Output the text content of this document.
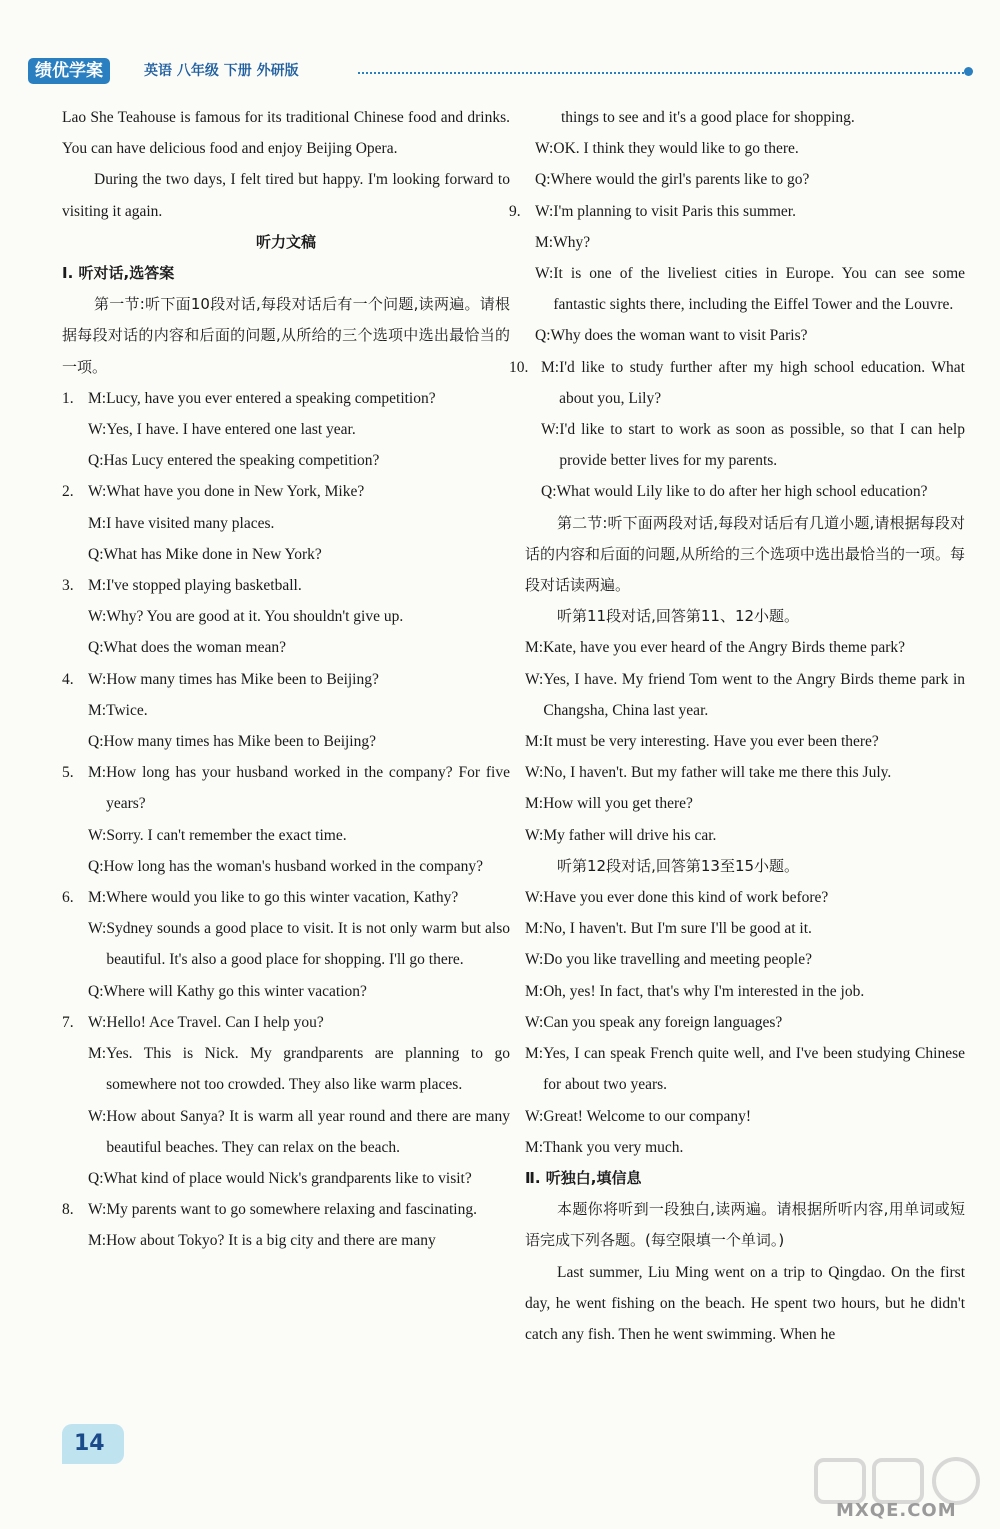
绩优学案	英语 八年级 下册 外研版

Lao She Teahouse is famous for its traditional Chinese food and drinks. You can have delicious food and enjoy Beijing Opera.

During the two days, I felt tired but happy. I'm looking forward to visiting it again.

听力文稿

Ⅰ. 听对话,选答案

第一节:听下面10段对话,每段对话后有一个问题,读两遍。请根据每段对话的内容和后面的问题,从所给的三个选项中选出最恰当的一项。

1. M: Lucy, have you ever entered a speaking competition?
W: Yes, I have. I have entered one last year.
Q: Has Lucy entered the speaking competition?
2. W: What have you done in New York, Mike?
M: I have visited many places.
Q: What has Mike done in New York?
3. M: I've stopped playing basketball.
W: Why? You are good at it. You shouldn't give up.
Q: What does the woman mean?
4. W: How many times has Mike been to Beijing?
M: Twice.
Q: How many times has Mike been to Beijing?
5. M: How long has your husband worked in the company? For five years?
W: Sorry. I can't remember the exact time.
Q: How long has the woman's husband worked in the company?
6. M: Where would you like to go this winter vacation, Kathy?
W: Sydney sounds a good place to visit. It is not only warm but also beautiful. It's also a good place for shopping. I'll go there.
Q: Where will Kathy go this winter vacation?
7. W: Hello! Ace Travel. Can I help you?
M: Yes. This is Nick. My grandparents are planning to go somewhere not too crowded. They also like warm places.
W: How about Sanya? It is warm all year round and there are many beautiful beaches. They can relax on the beach.
Q: What kind of place would Nick's grandparents like to visit?
8. W: My parents want to go somewhere relaxing and fascinating.
M: How about Tokyo? It is a big city and there are many
things to see and it's a good place for shopping.
W: OK. I think they would like to go there.
Q: Where would the girl's parents like to go?
9. W: I'm planning to visit Paris this summer.
M: Why?
W: It is one of the liveliest cities in Europe. You can see some fantastic sights there, including the Eiffel Tower and the Louvre.
Q: Why does the woman want to visit Paris?
10. M: I'd like to study further after my high school education. What about you, Lily?
W: I'd like to start to work as soon as possible, so that I can help provide better lives for my parents.
Q: What would Lily like to do after her high school education?

第二节:听下面两段对话,每段对话后有几道小题,请根据每段对话的内容和后面的问题,从所给的三个选项中选出最恰当的一项。每段对话读两遍。

听第11段对话,回答第11、12小题。

M: Kate, have you ever heard of the Angry Birds theme park?
W: Yes, I have. My friend Tom went to the Angry Birds theme park in Changsha, China last year.
M: It must be very interesting. Have you ever been there?
W: No, I haven't. But my father will take me there this July.
M: How will you get there?
W: My father will drive his car.

听第12段对话,回答第13至15小题。

W: Have you ever done this kind of work before?
M: No, I haven't. But I'm sure I'll be good at it.
W: Do you like travelling and meeting people?
M: Oh, yes! In fact, that's why I'm interested in the job.
W: Can you speak any foreign languages?
M: Yes, I can speak French quite well, and I've been studying Chinese for about two years.
W: Great! Welcome to our company!
M: Thank you very much.

Ⅱ. 听独白,填信息

本题你将听到一段独白,读两遍。请根据所听内容,用单词或短语完成下列各题。(每空限填一个单词。)

Last summer, Liu Ming went on a trip to Qingdao. On the first day, he went fishing on the beach. He spent two hours, but he didn't catch any fish. Then he went swimming. When he

14
MXQE.COM
